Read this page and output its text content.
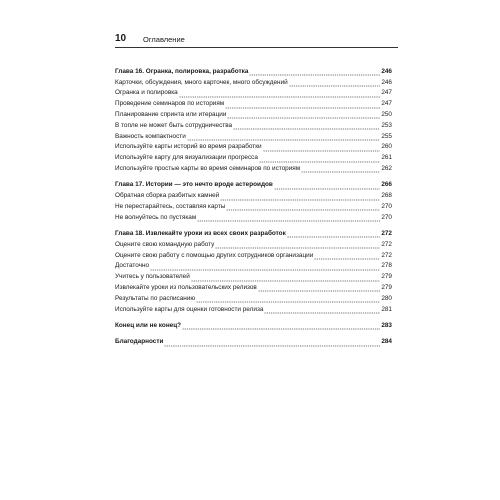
10 Оглавление
Глава 16. Огранка, полировка, разработка	246
Карточки, обсуждения, много карточек, много обсуждений	246
Огранка и полировка	247
Проведение семинаров по историям	247
Планирование спринта или итерации	250
В топле не может быть сотрудничества	253
Важность компактности	255
Используйте карты историй во время разработки	260
Используйте карту для визуализации прогресса	261
Используйте простые карты во время семинаров по историям	262
Глава 17. Истории — это нечто вроде астероидов	266
Обратная сборка разбитых камней	268
Не перестарайтесь, составляя карты	270
Не волнуйтесь по пустякам	270
Глава 18. Извлекайте уроки из всех своих разработок	272
Оцените свою командную работу	272
Оцените свою работу с помощью других сотрудников организации	272
Достаточно	278
Учитесь у пользователей	279
Извлекайте уроки из пользовательских релизов	279
Результаты по расписанию	280
Используйте карты для оценки готовности релиза	281
Конец или не конец?	283
Благодарности	284
